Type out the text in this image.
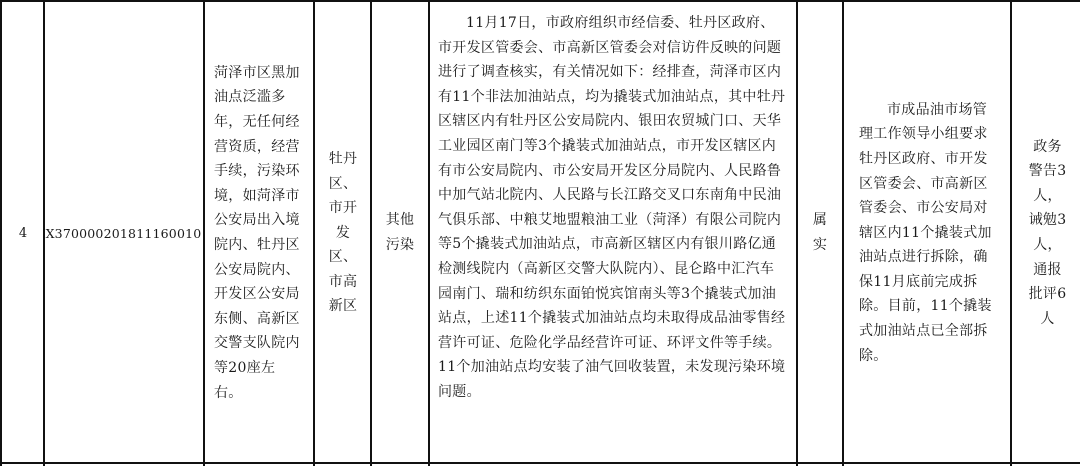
4 X370000201811160010
菏泽市区黑加油点泛滥多年，无任何经营资质，经营手续，污染环境，如菏泽市公安局出入境院内、牡丹区公安局院内、开发区公安局东侧、高新区交警支队院内等20座左右。
牡丹
区、
市开
发
区、
市高
新区
其他
污染
11月17日，市政府组织市经信委、牡丹区政府、市开发区管委会、市高新区管委会对信访件反映的问题进行了调查核实，有关情况如下：经排查，菏泽市区内有11个非法加油站点，均为撬装式加油站点，其中牡丹区辖区内有牡丹区公安局院内、银田农贸城门口、天华工业园区南门等3个撬装式加油站点，市开发区辖区内有市公安局院内、市公安局开发区分局院内、人民路鲁中加气站北院内、人民路与长江路交叉口东南角中民油气俱乐部、中粮艾地盟粮油工业（菏泽）有限公司院内等5个撬装式加油站点，市高新区辖区内有银川路亿通检测线院内（高新区交警大队院内）、昆仑路中汇汽车园南门、瑞和纺织东面铂悦宾馆南头等3个撬装式加油站点，上述11个撬装式加油站点均未取得成品油零售经营许可证、危险化学品经营许可证、环评文件等手续。11个加油站点均安装了油气回收装置，未发现污染环境问题。
属
实
市成品油市场管理工作领导小组要求牡丹区政府、市开发区管委会、市高新区管委会、市公安局对辖区内11个撬装式加油站点进行拆除，确保11月底前完成拆除。目前，11个撬装式加油站点已全部拆除。
政务
警告3
人，
诫勉3
人，
通报
批评6
人
